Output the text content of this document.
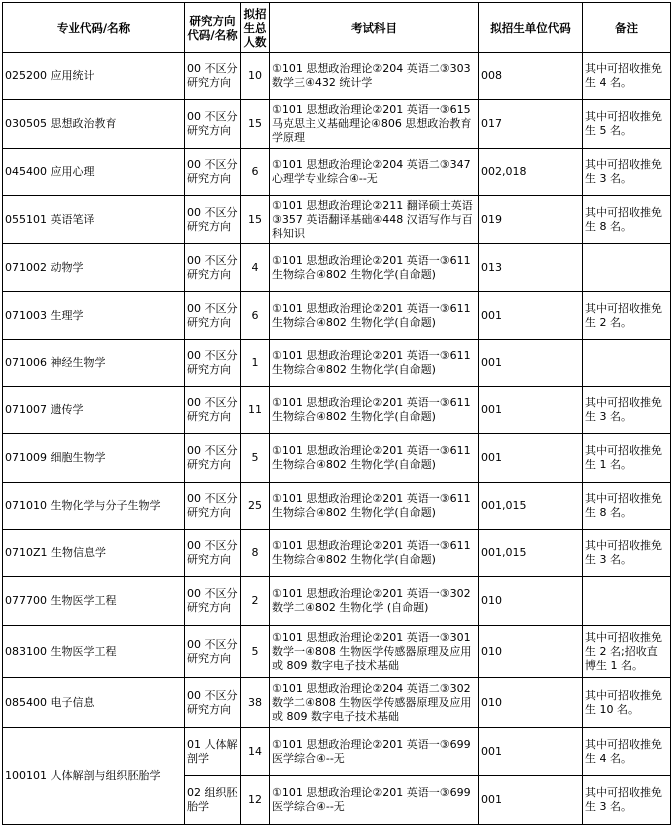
专业代码/名称	研究方向代码/名称	拟招生总人数	考试科目	拟招生单位代码	备注
025200 应用统计	00 不区分研究方向	10	①101 思想政治理论②204 英语二③303 数学三④432 统计学	008	其中可招收推免生 4 名。
030505 思想政治教育	00 不区分研究方向	15	①101 思想政治理论②201 英语一③615 马克思主义基础理论④806 思想政治教育学原理	017	其中可招收推免生 5 名。
045400 应用心理	00 不区分研究方向	6	①101 思想政治理论②204 英语二③347 心理学专业综合④--无	002,018	其中可招收推免生 3 名。
055101 英语笔译	00 不区分研究方向	15	①101 思想政治理论②211 翻译硕士英语③357 英语翻译基础④448 汉语写作与百科知识	019	其中可招收推免生 8 名。
071002 动物学	00 不区分研究方向	4	①101 思想政治理论②201 英语一③611 生物综合④802 生物化学(自命题)	013	
071003 生理学	00 不区分研究方向	6	①101 思想政治理论②201 英语一③611 生物综合④802 生物化学(自命题)	001	其中可招收推免生 2 名。
071006 神经生物学	00 不区分研究方向	1	①101 思想政治理论②201 英语一③611 生物综合④802 生物化学(自命题)	001	
071007 遗传学	00 不区分研究方向	11	①101 思想政治理论②201 英语一③611 生物综合④802 生物化学(自命题)	001	其中可招收推免生 3 名。
071009 细胞生物学	00 不区分研究方向	5	①101 思想政治理论②201 英语一③611 生物综合④802 生物化学(自命题)	001	其中可招收推免生 1 名。
071010 生物化学与分子生物学	00 不区分研究方向	25	①101 思想政治理论②201 英语一③611 生物综合④802 生物化学(自命题)	001,015	其中可招收推免生 8 名。
0710Z1 生物信息学	00 不区分研究方向	8	①101 思想政治理论②201 英语一③611 生物综合④802 生物化学(自命题)	001,015	其中可招收推免生 3 名。
077700 生物医学工程	00 不区分研究方向	2	①101 思想政治理论②201 英语一③302 数学二④802 生物化学 (自命题)	010	
083100 生物医学工程	00 不区分研究方向	5	①101 思想政治理论②201 英语一③301 数学一④808 生物医学传感器原理及应用或 809 数字电子技术基础	010	其中可招收推免生 2 名;招收直博生 1 名。
085400 电子信息	00 不区分研究方向	38	①101 思想政治理论②204 英语二③302 数学二④808 生物医学传感器原理及应用或 809 数字电子技术基础	010	其中可招收推免生 10 名。
100101 人体解剖与组织胚胎学	01 人体解剖学	14	①101 思想政治理论②201 英语一③699 医学综合④--无	001	其中可招收推免生 4 名。
	02 组织胚胎学	12	①101 思想政治理论②201 英语一③699 医学综合④--无	001	其中可招收推免生 3 名。
